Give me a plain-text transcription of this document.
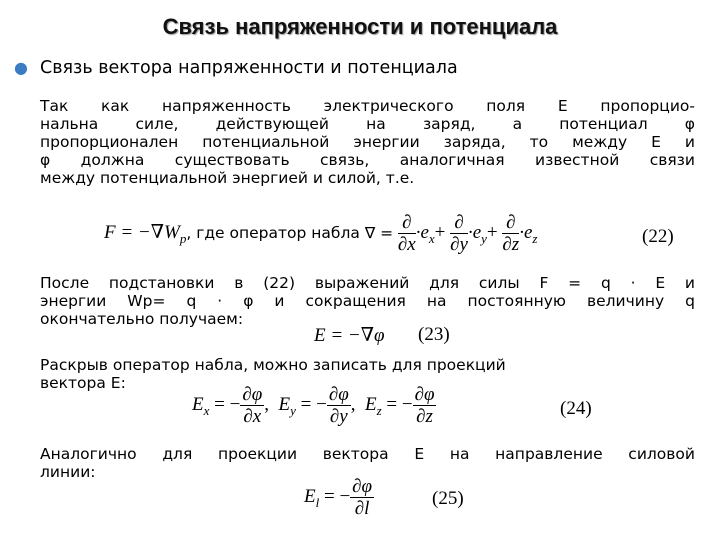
Связь напряженности и потенциала
● Связь вектора напряженности и потенциала
Так как напряженность электрического поля E пропорцио-
нальна силе, действующей на заряд, а потенциал φ
пропорционален потенциальной энергии заряда, то между E и
φ должна существовать связь, аналогичная известной связи
между потенциальной энергией и силой, т.е.
$F = -\nabla W_p$, где оператор набла ∇ = $\frac{\partial}{\partial x} \cdot e_x+ \frac{\partial}{\partial y} \cdot e_y+ \frac{\partial}{\partial z} \cdot e_z$	(22)
После подстановки в (22) выражений для силы F = q · E и
энергии Wp= q · φ и сокращения на постоянную величину q
окончательно получаем:
E = −∇φ (23)
Раскрыв оператор набла, можно записать для проекций
вектора E:
$E_x$ = − $\frac{\partial\varphi}{\partial x}$ , $E_y$ = − $\frac{\partial\varphi}{\partial y}$ , $E_z$ = − $\frac{\partial\varphi}{\partial z}$	(24)
Аналогично для проекции вектора E на направление силовой
линии:
$E_l$ = − $\frac{\partial\varphi}{\partial l}$	(25)
